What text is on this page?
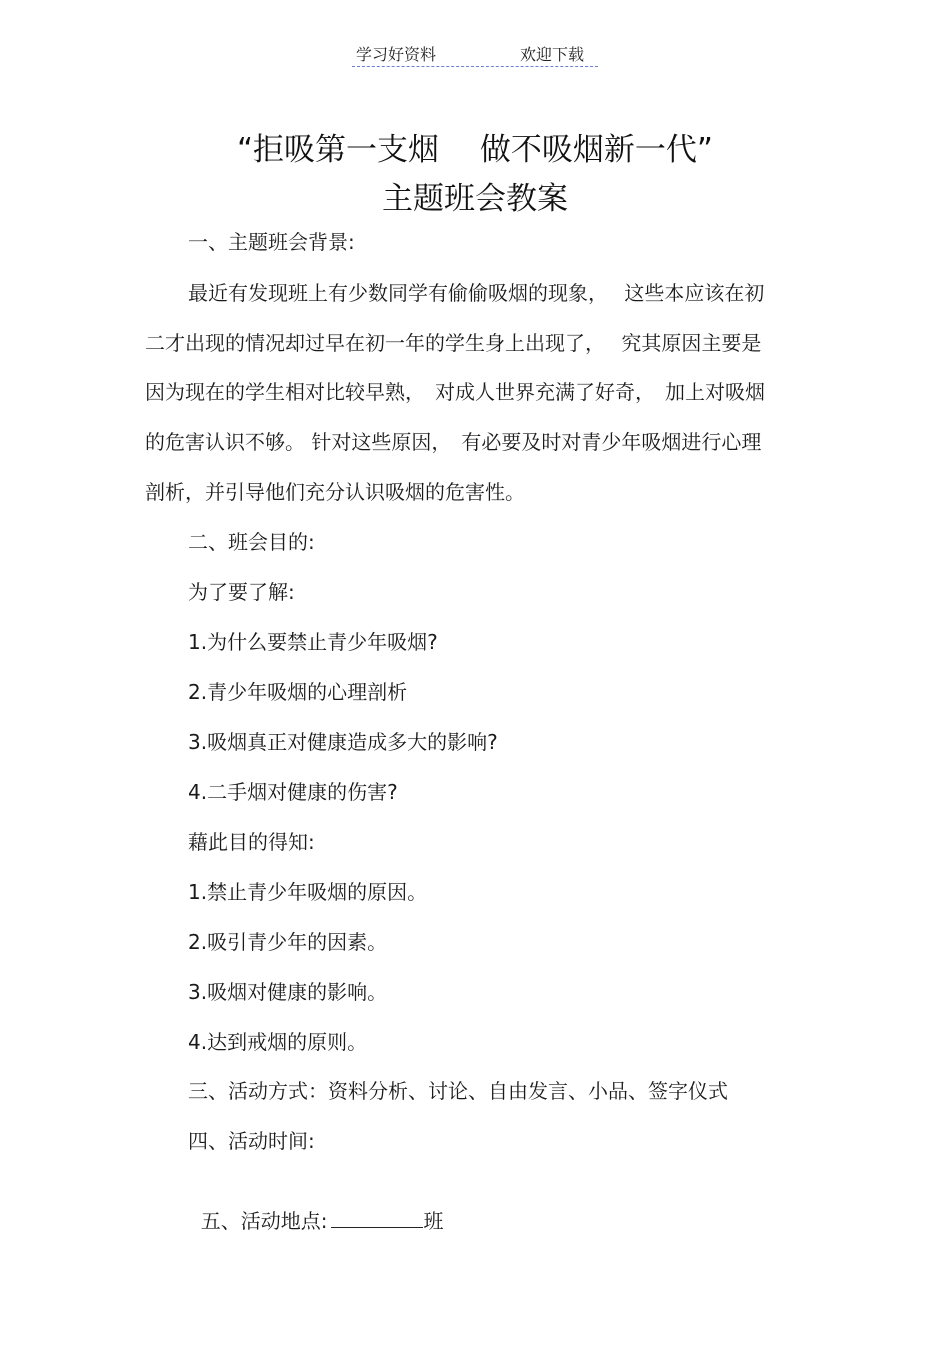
学习好资料	欢迎下载
“拒吸第一支烟　 做不吸烟新一代”
主题班会教案
一、主题班会背景:
最近有发现班上有少数同学有偷偷吸烟的现象，　 这些本应该在初
二才出现的情况却过早在初一年的学生身上出现了，　 究其原因主要是
因为现在的学生相对比较早熟，　对成人世界充满了好奇，　加上对吸烟
的危害认识不够。 针对这些原因，　有必要及时对青少年吸烟进行心理
剖析，并引导他们充分认识吸烟的危害性。
二、班会目的:
为了要了解:
1.为什么要禁止青少年吸烟?
2.青少年吸烟的心理剖析
3.吸烟真正对健康造成多大的影响?
4.二手烟对健康的伤害?
藉此目的得知:
1.禁止青少年吸烟的原因。
2.吸引青少年的因素。
3.吸烟对健康的影响。
4.达到戒烟的原则。
三、活动方式：资料分析、讨论、自由发言、小品、签字仪式
四、活动时间:

五、活动地点:	班
